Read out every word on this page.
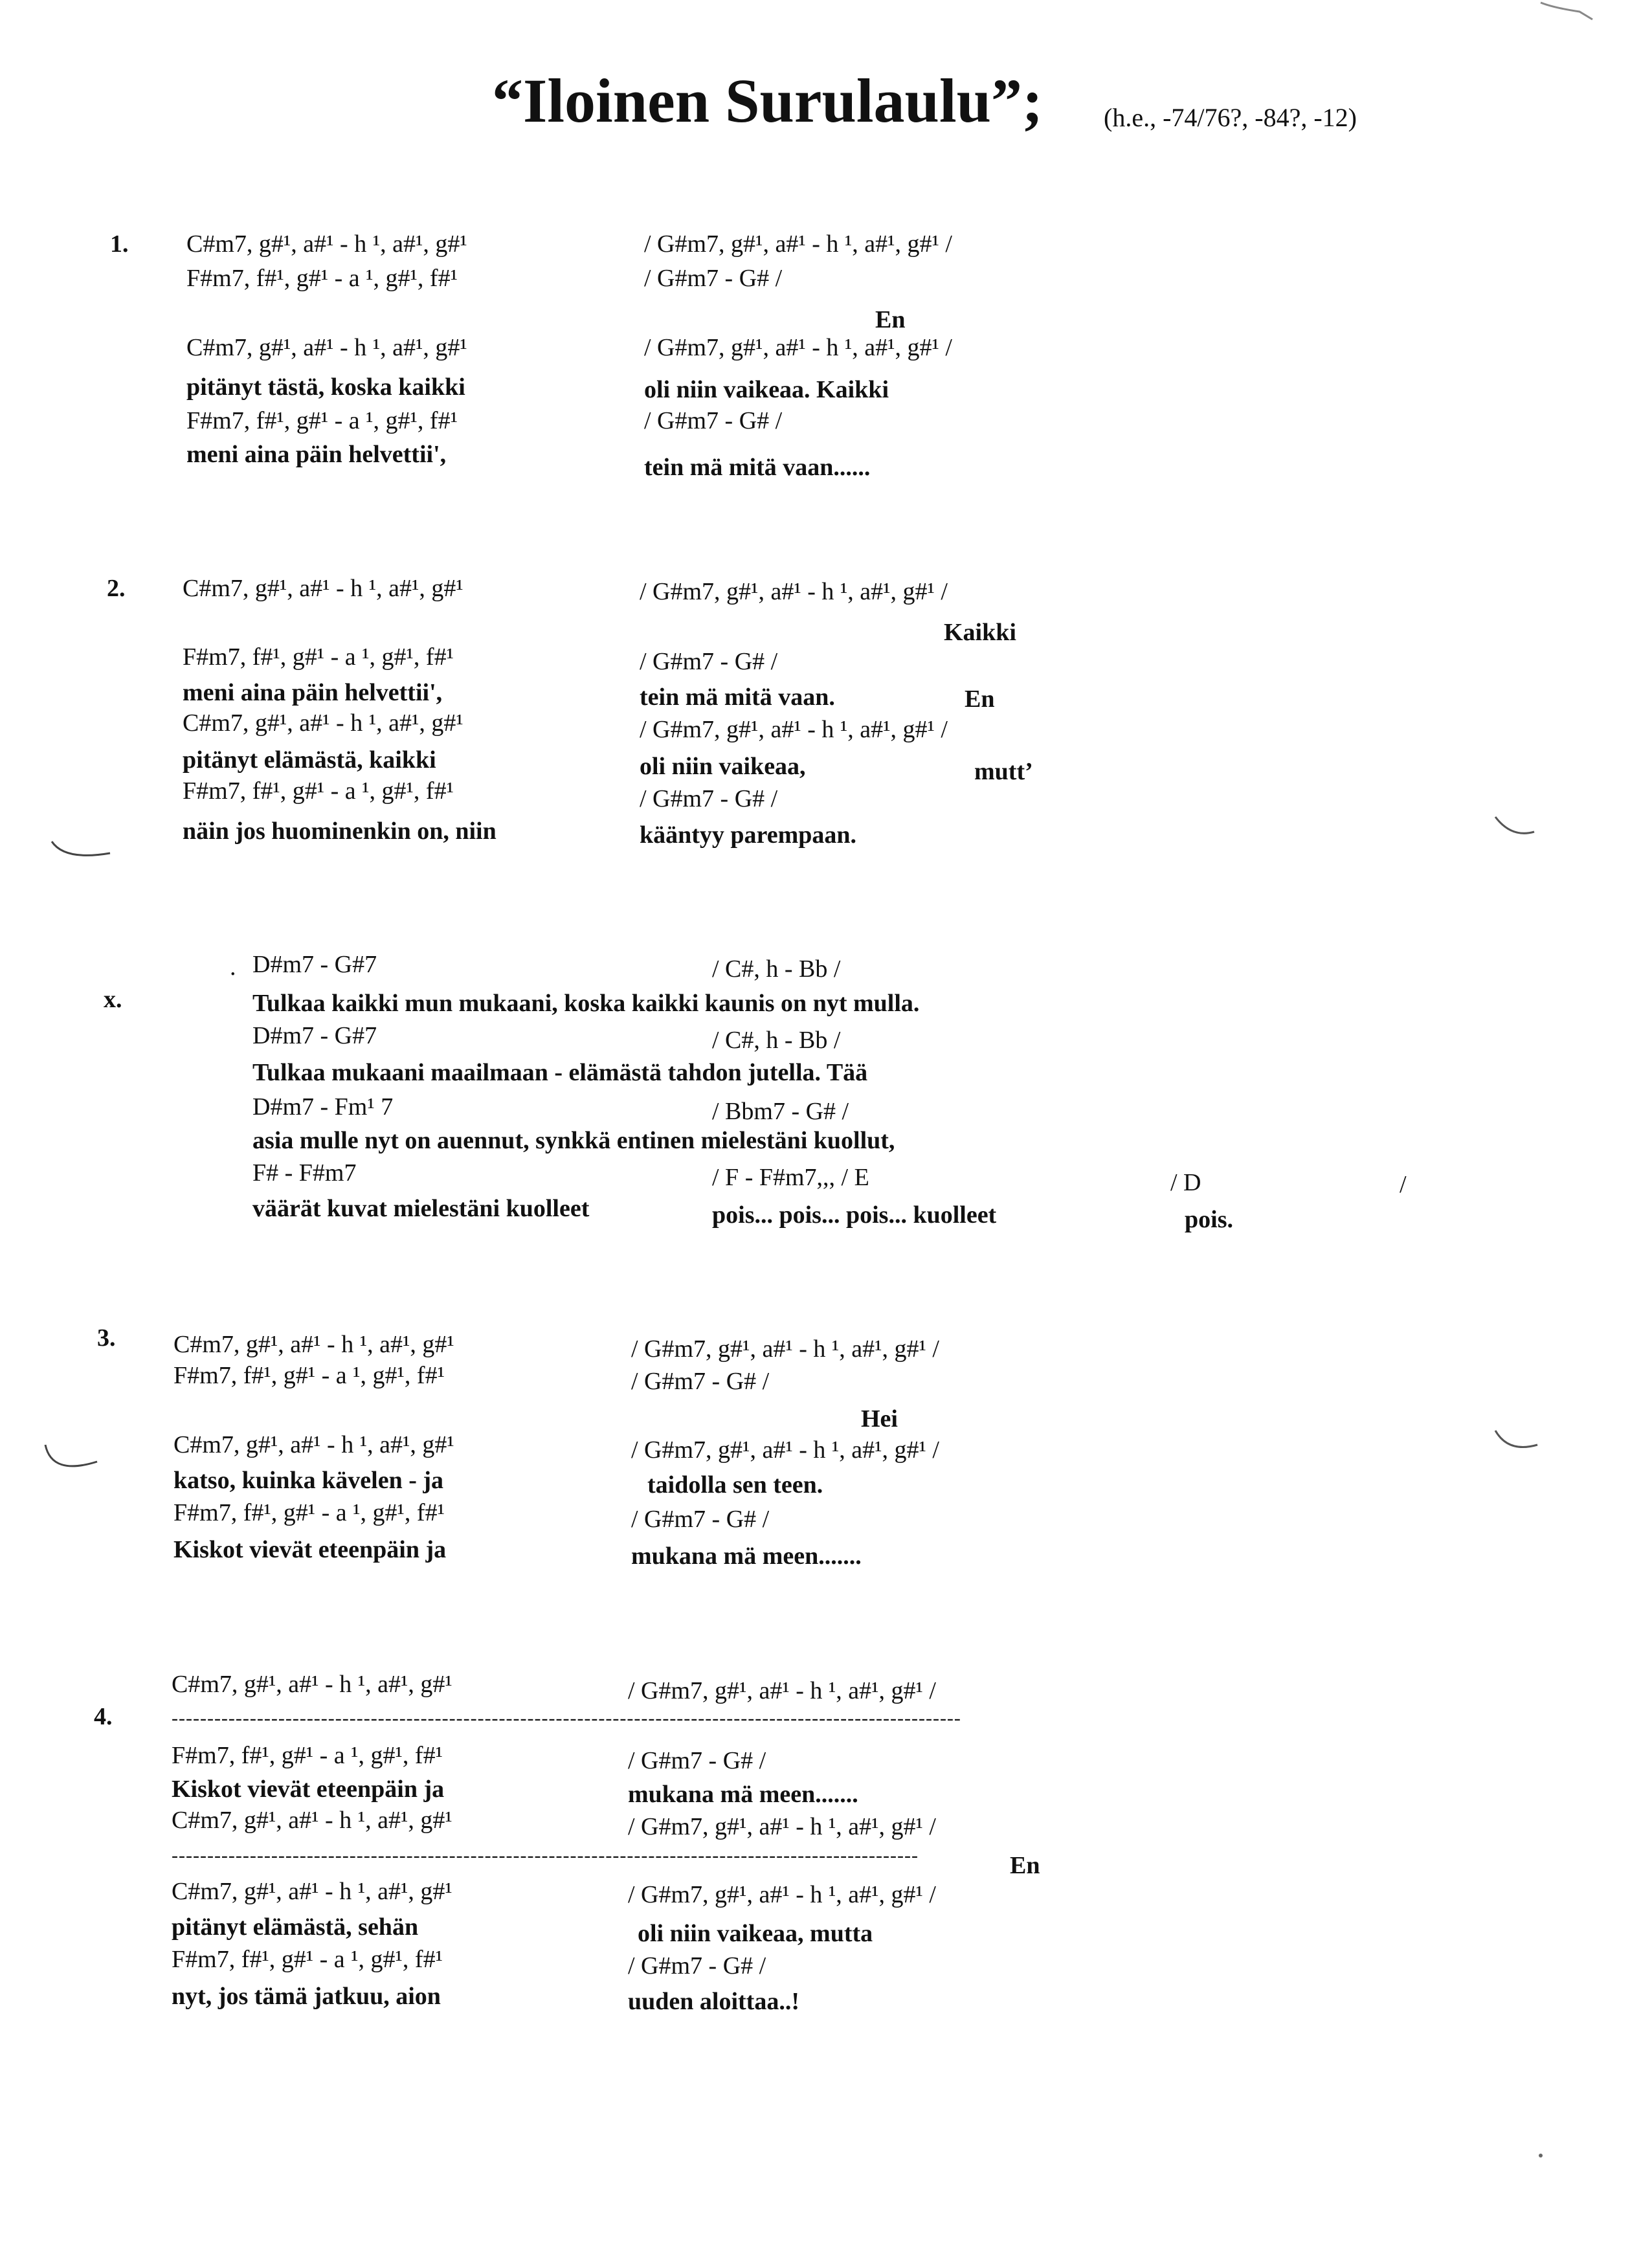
“Iloinen Surulaulu”; (h.e., -74/76?, -84?, -12)
1. C#m7, g#¹, a#¹ - h ¹, a#¹, g#¹	/ G#m7, g#¹, a#¹ - h ¹, a#¹, g#¹ /
F#m7, f#¹, g#¹ - a ¹, g#¹, f#¹	/ G#m7 - G# /
En
C#m7, g#¹, a#¹ - h ¹, a#¹, g#¹	/ G#m7, g#¹, a#¹ - h ¹, a#¹, g#¹ /
pitänyt tästä, koska kaikki	oli niin vaikeaa. Kaikki
F#m7, f#¹, g#¹ - a ¹, g#¹, f#¹	/ G#m7 - G# /
meni aina päin helvettii',	tein mä mitä vaan......
2. C#m7, g#¹, a#¹ - h ¹, a#¹, g#¹	/ G#m7, g#¹, a#¹ - h ¹, a#¹, g#¹ /
Kaikki
F#m7, f#¹, g#¹ - a ¹, g#¹, f#¹	/ G#m7 - G# /
meni aina päin helvettii',	tein mä mitä vaan.	En
C#m7, g#¹, a#¹ - h ¹, a#¹, g#¹	/ G#m7, g#¹, a#¹ - h ¹, a#¹, g#¹ /
pitänyt elämästä, kaikki	oli niin vaikeaa,	mutt’
F#m7, f#¹, g#¹ - a ¹, g#¹, f#¹	/ G#m7 - G# /
näin jos huominenkin on, niin	kääntyy parempaan.
. D#m7 - G#7	/ C#, h - Bb /
x.	Tulkaa kaikki mun mukaani, koska kaikki kaunis on nyt mulla.
D#m7 - G#7	/ C#, h - Bb /
Tulkaa mukaani maailmaan - elämästä tahdon jutella. Tää
D#m7 - Fm¹ 7	/ Bbm7 - G# /
asia mulle nyt on auennut, synkkä entinen mielestäni kuollut,
F# - F#m7	/ F - F#m7,,, / E	/ D	/
väärät kuvat mielestäni kuolleet	pois... pois... pois... kuolleet	pois.
3. C#m7, g#¹, a#¹ - h ¹, a#¹, g#¹	/ G#m7, g#¹, a#¹ - h ¹, a#¹, g#¹ /
F#m7, f#¹, g#¹ - a ¹, g#¹, f#¹	/ G#m7 - G# /
Hei
C#m7, g#¹, a#¹ - h ¹, a#¹, g#¹	/ G#m7, g#¹, a#¹ - h ¹, a#¹, g#¹ /
katso, kuinka kävelen - ja	taidolla sen teen.
F#m7, f#¹, g#¹ - a ¹, g#¹, f#¹	/ G#m7 - G# /
Kiskot vievät eteenpäin ja	mukana mä meen.......
C#m7, g#¹, a#¹ - h ¹, a#¹, g#¹	/ G#m7, g#¹, a#¹ - h ¹, a#¹, g#¹ /
4.	---------------------------------------------------------------------------------------------------------------
F#m7, f#¹, g#¹ - a ¹, g#¹, f#¹	/ G#m7 - G# /
Kiskot vievät eteenpäin ja	mukana mä meen.......
C#m7, g#¹, a#¹ - h ¹, a#¹, g#¹	/ G#m7, g#¹, a#¹ - h ¹, a#¹, g#¹ /
---------------------------------------------------------------------------------------------------------	En
C#m7, g#¹, a#¹ - h ¹, a#¹, g#¹	/ G#m7, g#¹, a#¹ - h ¹, a#¹, g#¹ /
pitänyt elämästä, sehän	oli niin vaikeaa, mutta
F#m7, f#¹, g#¹ - a ¹, g#¹, f#¹	/ G#m7 - G# /
nyt, jos tämä jatkuu, aion	uuden aloittaa..!
